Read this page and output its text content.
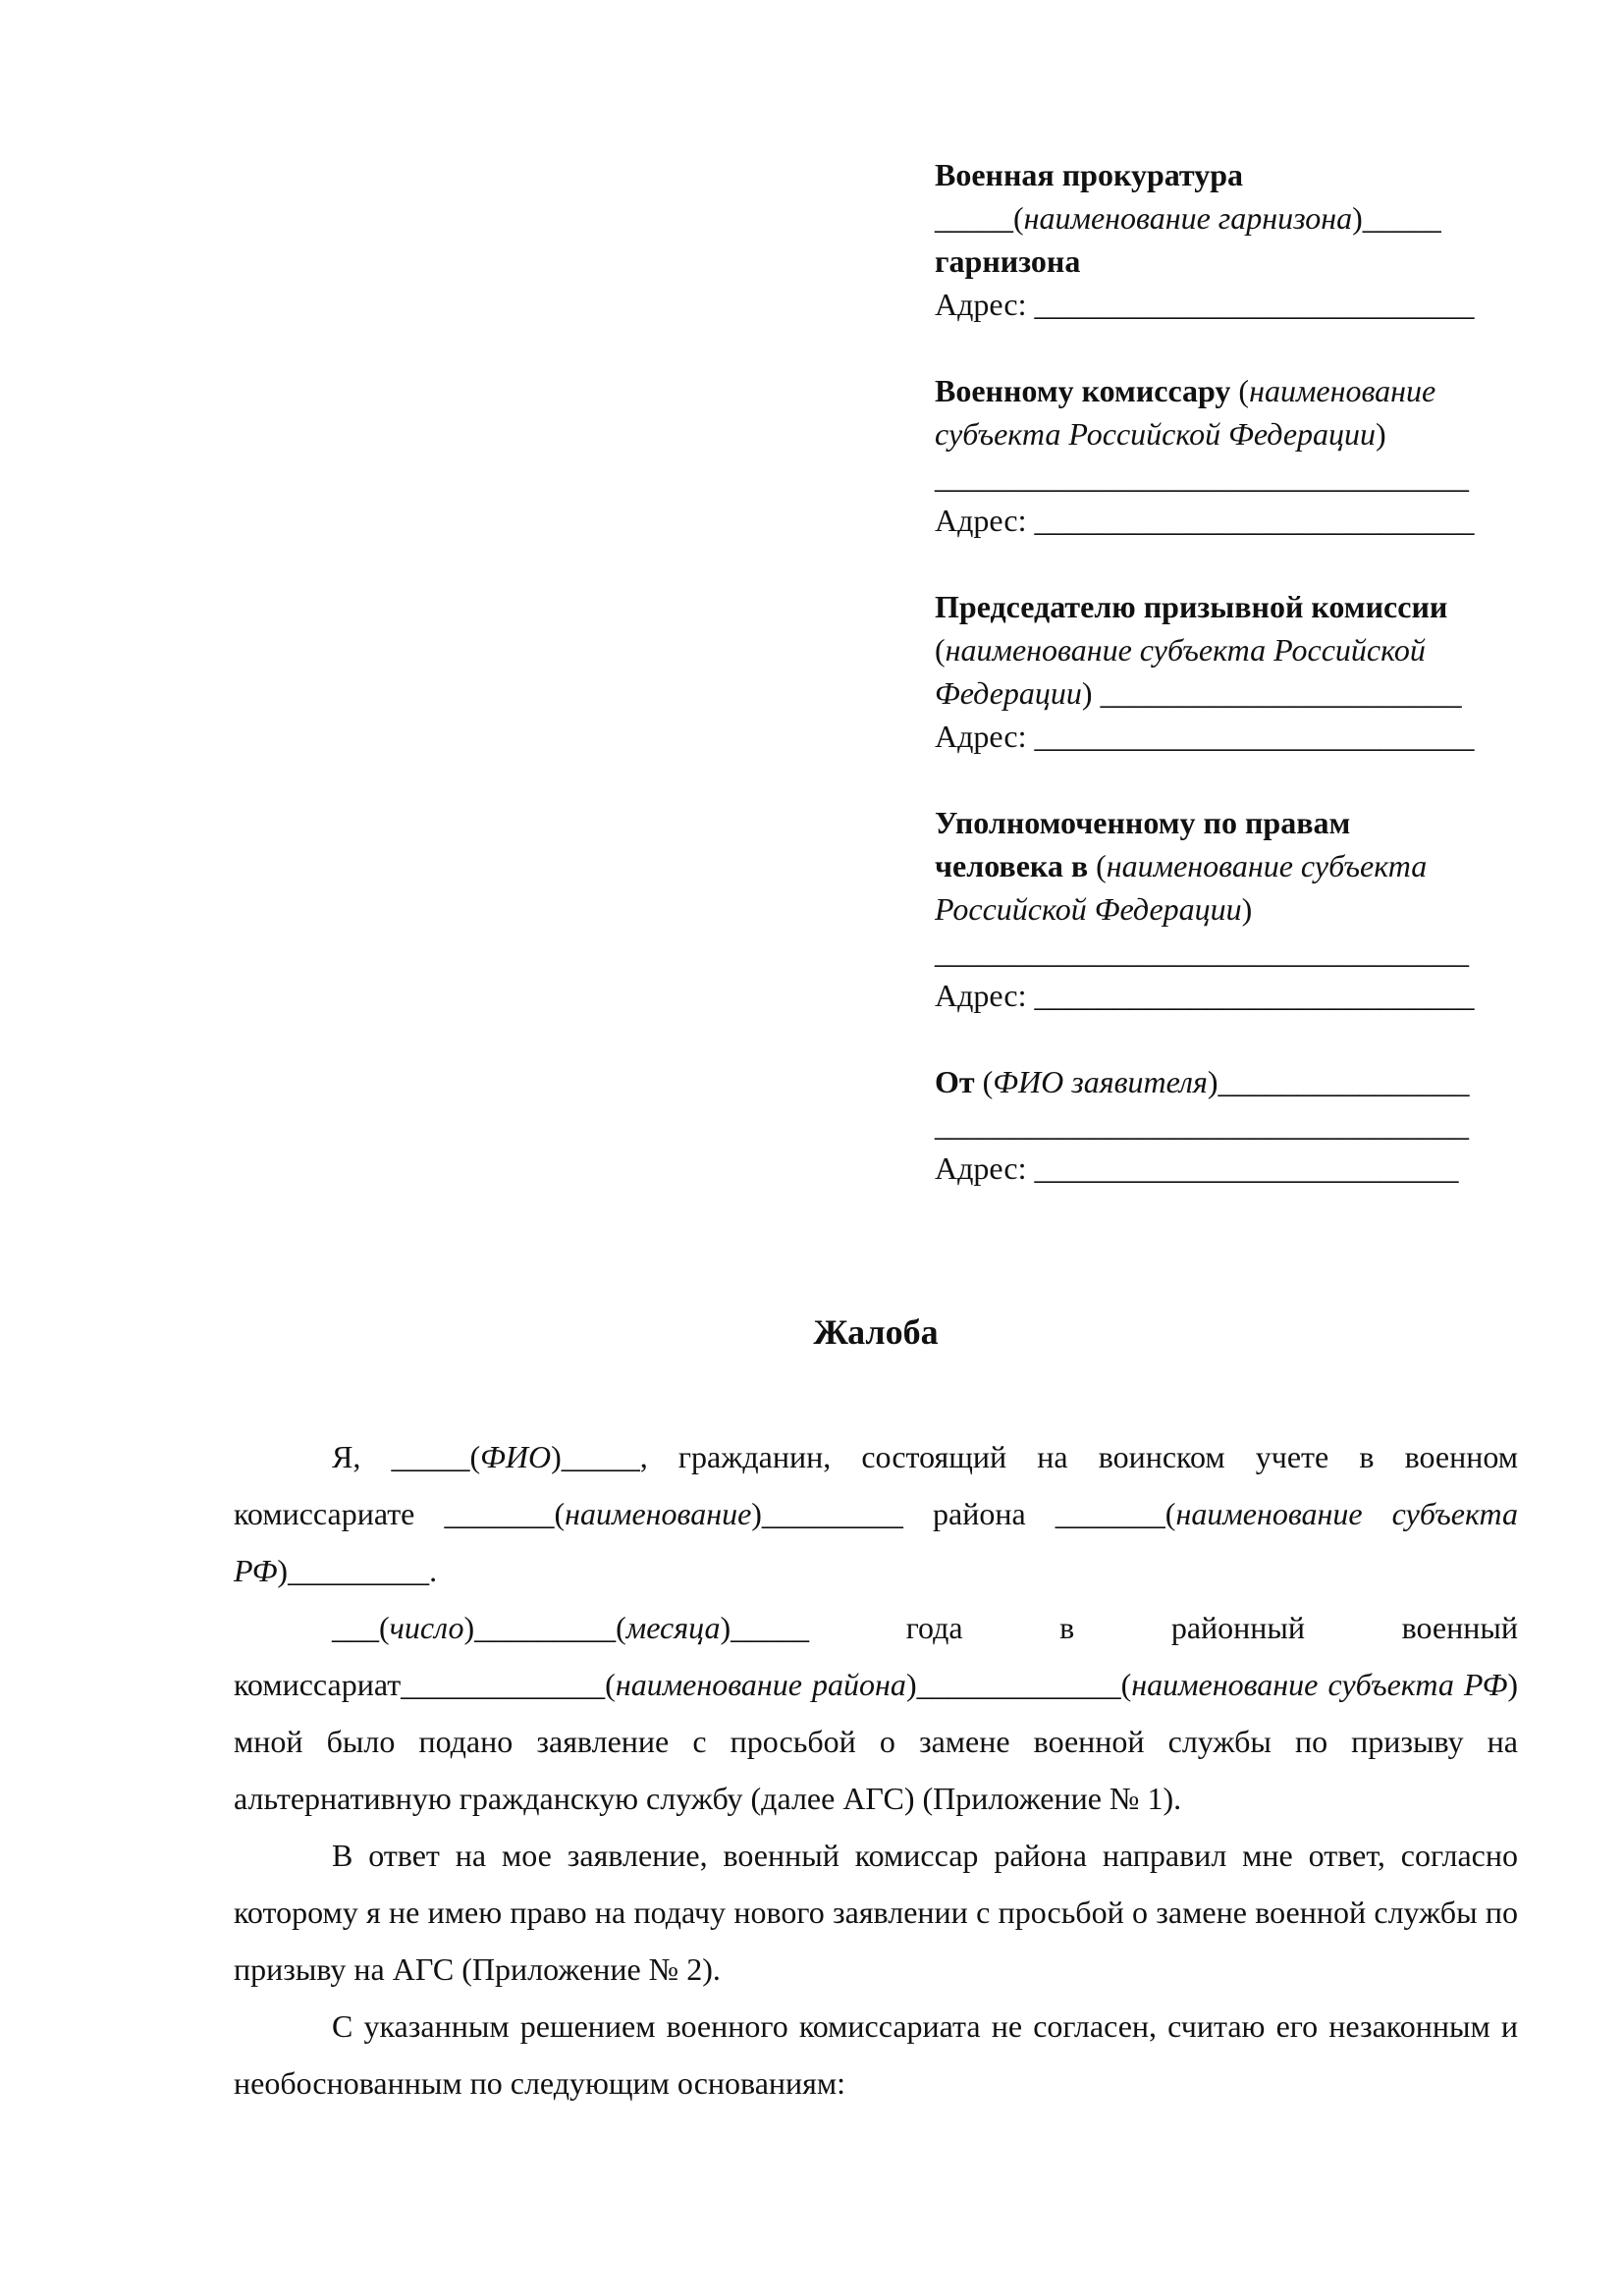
Военная прокуратура
_____(наименование гарнизона)_____
гарнизона
Адрес: ____________________________
Военному комиссару (наименование
субъекта Российской Федерации)
__________________________________
Адрес: ____________________________
Председателю призывной комиссии
(наименование субъекта Российской
Федерации) _______________________
Адрес: ____________________________
Уполномоченному по правам
человека в (наименование субъекта
Российской Федерации)
__________________________________
Адрес: ____________________________
От (ФИО заявителя)________________
__________________________________
Адрес: ___________________________
Жалоба

Я, _____(ФИО)_____, гражданин, состоящий на воинском учете в военном комиссариате _______(наименование)_________ района _______(наименование субъекта РФ)_________.

___(число)_________(месяца)_____ года в районный военный комиссариат_____________(наименование района)_____________(наименование субъекта РФ) мной было подано заявление с просьбой о замене военной службы по призыву на альтернативную гражданскую службу (далее АГС) (Приложение № 1).

В ответ на мое заявление, военный комиссар района направил мне ответ, согласно которому я не имею право на подачу нового заявлении с просьбой о замене военной службы по призыву на АГС (Приложение № 2).

С указанным решением военного комиссариата не согласен, считаю его незаконным и необоснованным по следующим основаниям:
